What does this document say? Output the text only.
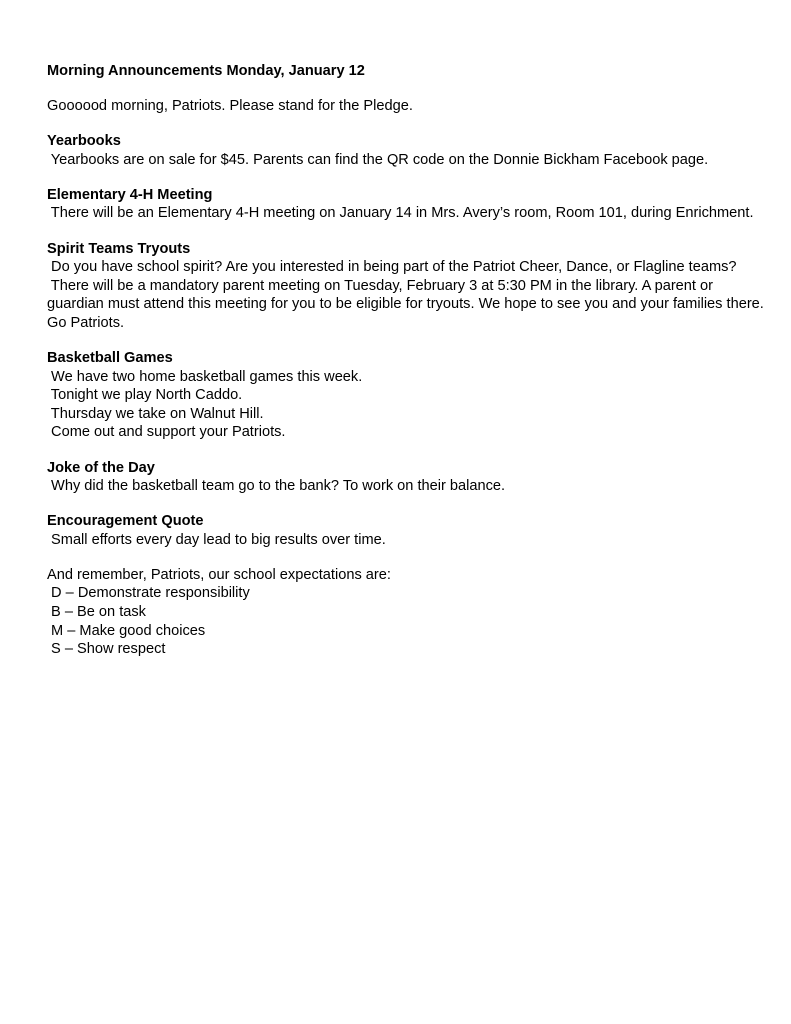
Morning Announcements Monday, January 12
Goooood morning, Patriots. Please stand for the Pledge.
Yearbooks
Yearbooks are on sale for $45. Parents can find the QR code on the Donnie Bickham Facebook page.
Elementary 4-H Meeting
There will be an Elementary 4-H meeting on January 14 in Mrs. Avery’s room, Room 101, during Enrichment.
Spirit Teams Tryouts
Do you have school spirit? Are you interested in being part of the Patriot Cheer, Dance, or Flagline teams?
There will be a mandatory parent meeting on Tuesday, February 3 at 5:30 PM in the library. A parent or
guardian must attend this meeting for you to be eligible for tryouts. We hope to see you and your families there.
Go Patriots.
Basketball Games
We have two home basketball games this week.
Tonight we play North Caddo.
Thursday we take on Walnut Hill.
Come out and support your Patriots.
Joke of the Day
Why did the basketball team go to the bank? To work on their balance.
Encouragement Quote
Small efforts every day lead to big results over time.
And remember, Patriots, our school expectations are:
D – Demonstrate responsibility
B – Be on task
M – Make good choices
S – Show respect
